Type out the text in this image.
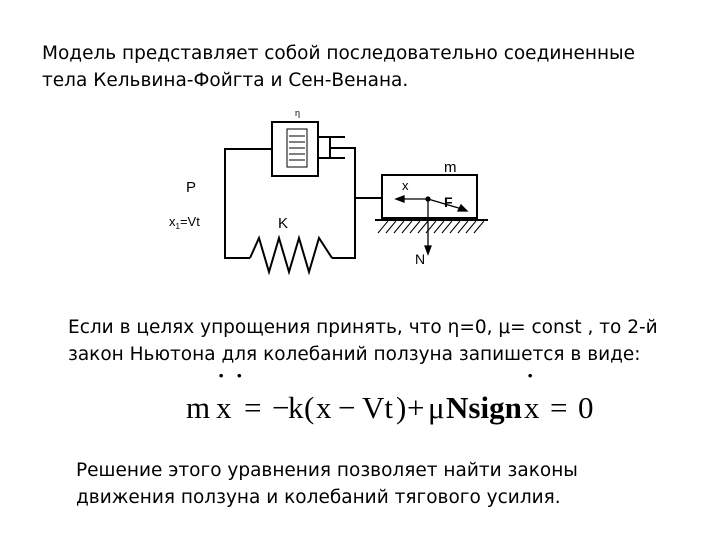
Модель представляет собой последовательно соединенные
тела Кельвина-Фойгта и Сен-Венана.

η
P
$x_1=Vt$	K
m
x
F
N

Если в целях упрощения принять, что η=0, μ= const , то 2-й
закон Ньютона для колебаний ползуна запишется в виде:

· ·	·
m x = −
k ( x − Vt ) + μ Nsign x = 0

Решение этого уравнения позволяет найти законы
движения ползуна и колебаний тягового усилия.
